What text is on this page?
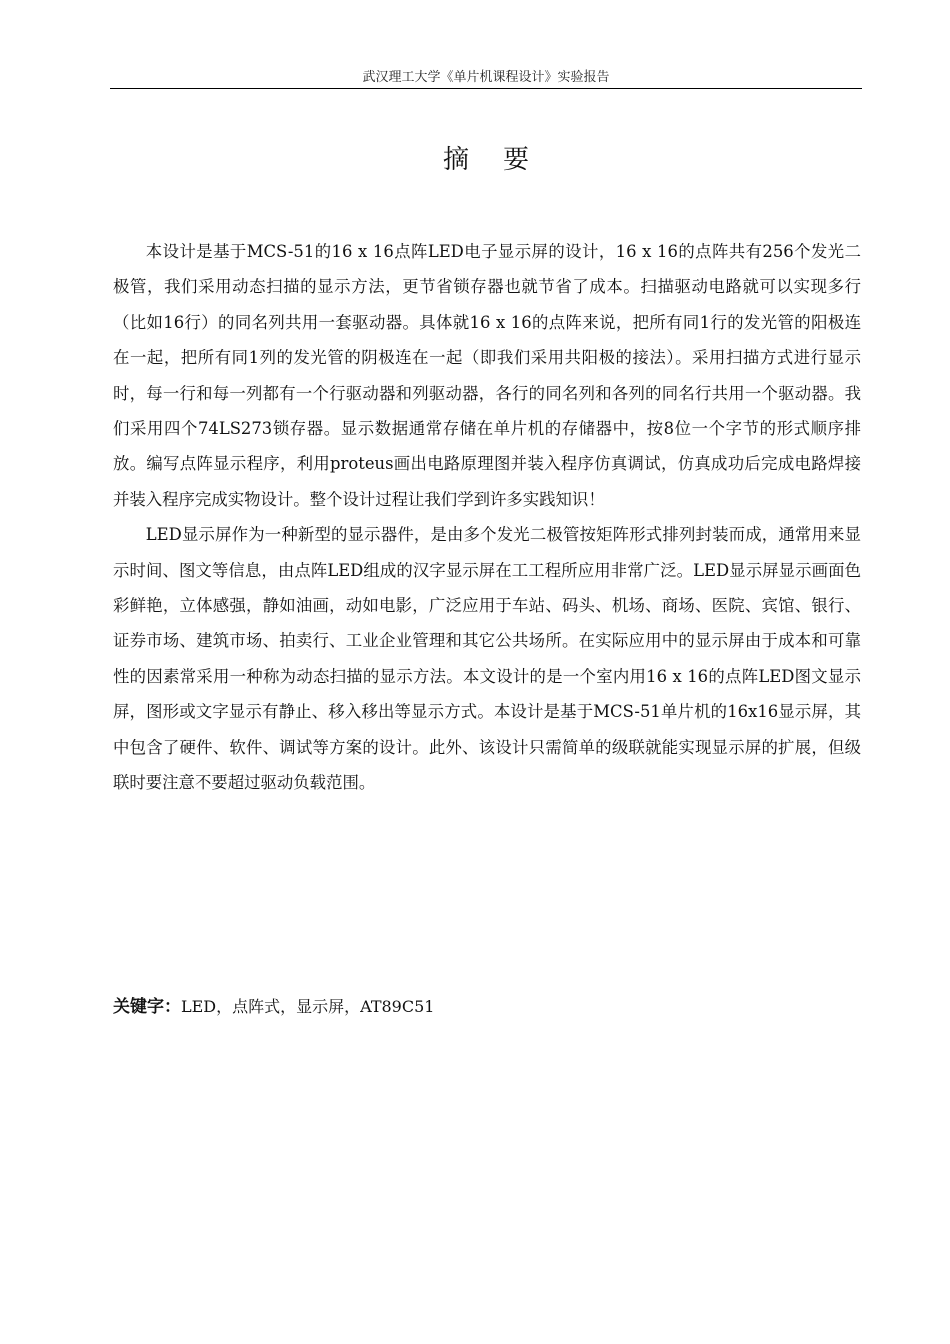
武汉理工大学《单片机课程设计》实验报告
摘要

本设计是基于MCS-51的16 x 16点阵LED电子显示屏的设计，16 x 16的点阵共有256个发光二极管，我们采用动态扫描的显示方法，更节省锁存器也就节省了成本。扫描驱动电路就可以实现多行（比如16行）的同名列共用一套驱动器。具体就16 x 16的点阵来说，把所有同1行的发光管的阳极连在一起，把所有同1列的发光管的阴极连在一起（即我们采用共阳极的接法）。采用扫描方式进行显示时，每一行和每一列都有一个行驱动器和列驱动器，各行的同名列和各列的同名行共用一个驱动器。我们采用四个74LS273锁存器。显示数据通常存储在单片机的存储器中，按8位一个字节的形式顺序排放。编写点阵显示程序，利用proteus画出电路原理图并装入程序仿真调试，仿真成功后完成电路焊接并装入程序完成实物设计。整个设计过程让我们学到许多实践知识！

LED显示屏作为一种新型的显示器件，是由多个发光二极管按矩阵形式排列封装而成，通常用来显示时间、图文等信息，由点阵LED组成的汉字显示屏在工工程所应用非常广泛。LED显示屏显示画面色彩鲜艳，立体感强，静如油画，动如电影，广泛应用于车站、码头、机场、商场、医院、宾馆、银行、证券市场、建筑市场、拍卖行、工业企业管理和其它公共场所。在实际应用中的显示屏由于成本和可靠性的因素常采用一种称为动态扫描的显示方法。本文设计的是一个室内用16 x 16的点阵LED图文显示屏，图形或文字显示有静止、移入移出等显示方式。本设计是基于MCS-51单片机的16x16显示屏，其中包含了硬件、软件、调试等方案的设计。此外、该设计只需简单的级联就能实现显示屏的扩展，但级联时要注意不要超过驱动负载范围。

关键字：LED，点阵式，显示屏，AT89C51
